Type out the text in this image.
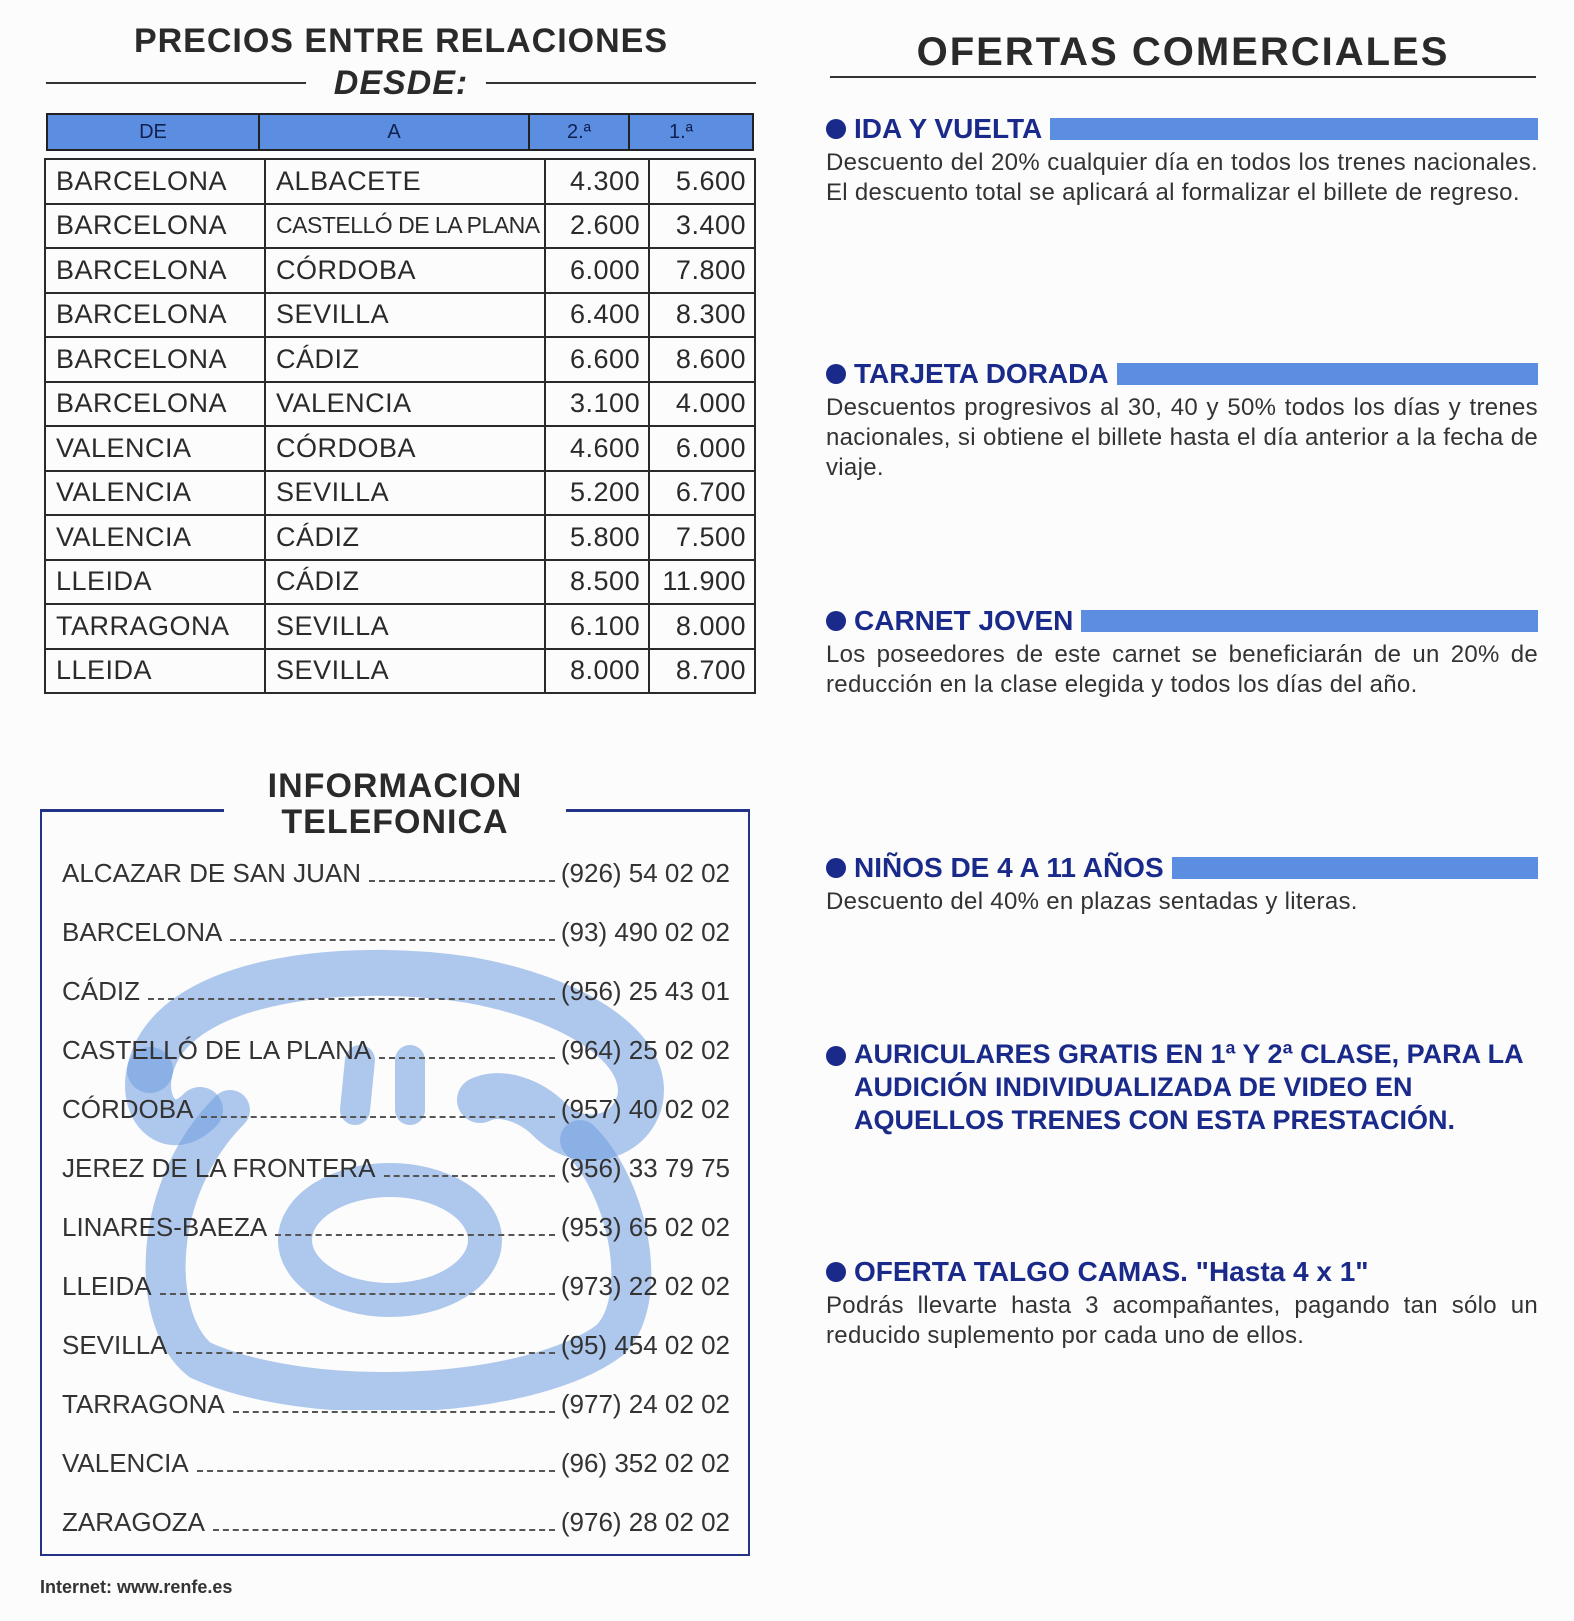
PRECIOS ENTRE RELACIONES
DESDE:
DE	A	2.ª	1.ª
BARCELONA	ALBACETE	4.300	5.600
BARCELONA	CASTELLÓ DE LA PLANA	2.600	3.400
BARCELONA	CÓRDOBA	6.000	7.800
BARCELONA	SEVILLA	6.400	8.300
BARCELONA	CÁDIZ	6.600	8.600
BARCELONA	VALENCIA	3.100	4.000
VALENCIA	CÓRDOBA	4.600	6.000
VALENCIA	SEVILLA	5.200	6.700
VALENCIA	CÁDIZ	5.800	7.500
LLEIDA	CÁDIZ	8.500	11.900
TARRAGONA	SEVILLA	6.100	8.000
LLEIDA	SEVILLA	8.000	8.700
INFORMACION
TELEFONICA
ALCAZAR DE SAN JUAN	(926) 54 02 02
BARCELONA	(93) 490 02 02
CÁDIZ	(956) 25 43 01
CASTELLÓ DE LA PLANA	(964) 25 02 02
CÓRDOBA	(957) 40 02 02
JEREZ DE LA FRONTERA	(956) 33 79 75
LINARES-BAEZA	(953) 65 02 02
LLEIDA	(973) 22 02 02
SEVILLA	(95) 454 02 02
TARRAGONA	(977) 24 02 02
VALENCIA	(96) 352 02 02
ZARAGOZA	(976) 28 02 02
Internet: www.renfe.es
OFERTAS COMERCIALES
IDA Y VUELTA
Descuento del 20% cualquier día en todos los trenes nacionales. El descuento total se aplicará al formalizar el billete de regreso.
TARJETA DORADA
Descuentos progresivos al 30, 40 y 50% todos los días y trenes nacionales, si obtiene el billete hasta el día anterior a la fecha de viaje.
CARNET JOVEN
Los poseedores de este carnet se beneficiarán de un 20% de reducción en la clase elegida y todos los días del año.
NIÑOS DE 4 A 11 AÑOS
Descuento del 40% en plazas sentadas y literas.
AURICULARES GRATIS EN 1ª Y 2ª CLASE, PARA LA AUDICIÓN INDIVIDUALIZADA DE VIDEO EN AQUELLOS TRENES CON ESTA PRESTACIÓN.
OFERTA TALGO CAMAS. "Hasta 4 x 1"
Podrás llevarte hasta 3 acompañantes, pagando tan sólo un reducido suplemento por cada uno de ellos.
